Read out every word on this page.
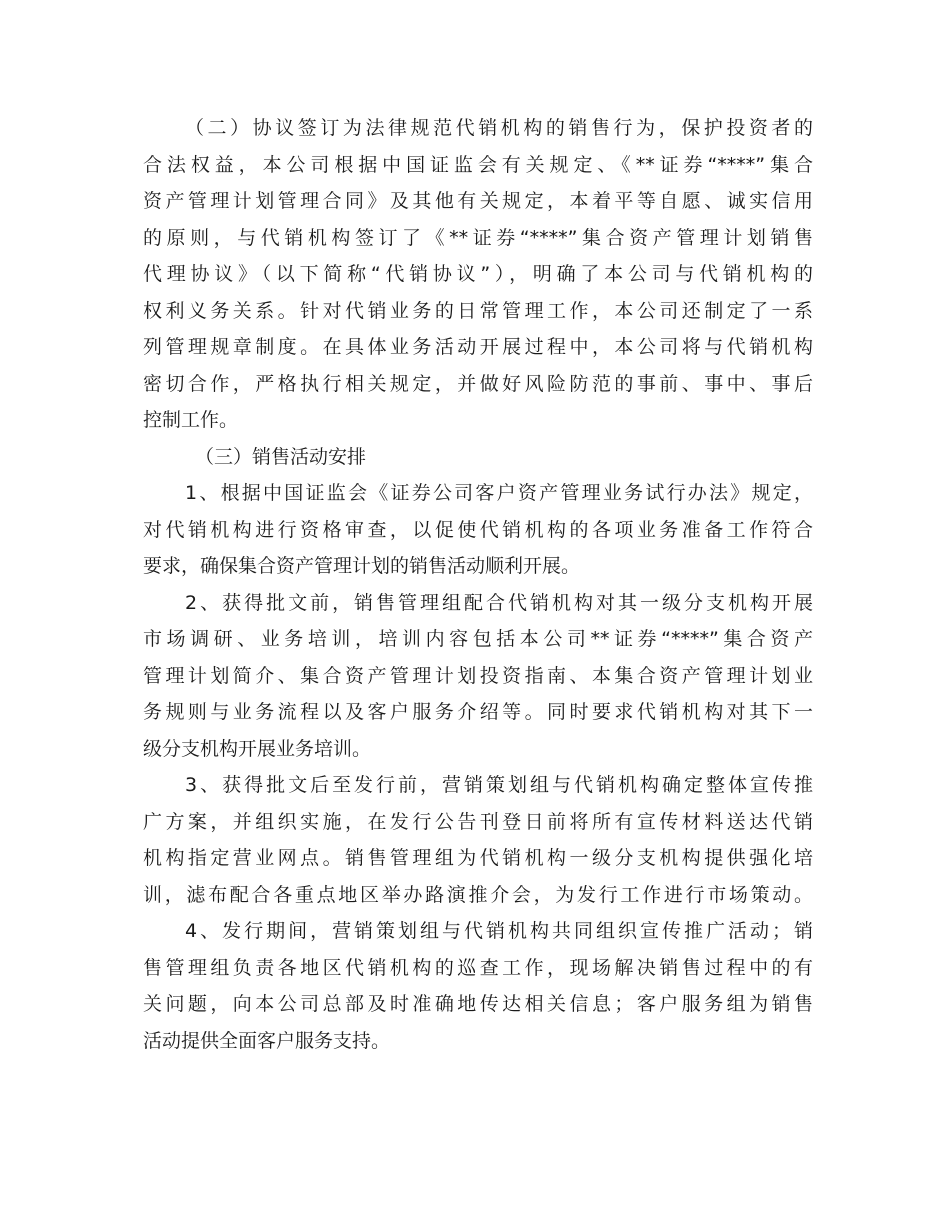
（二）协议签订为法律规范代销机构的销售行为，保护投资者的
合法权益，本公司根据中国证监会有关规定、《**证券“****”集合
资产管理计划管理合同》及其他有关规定，本着平等自愿、诚实信用
的原则，与代销机构签订了《**证券“****”集合资产管理计划销售
代理协议》（以下简称“代销协议”），明确了本公司与代销机构的
权利义务关系。针对代销业务的日常管理工作，本公司还制定了一系
列管理规章制度。在具体业务活动开展过程中，本公司将与代销机构
密切合作，严格执行相关规定，并做好风险防范的事前、事中、事后
控制工作。
（三）销售活动安排
1、根据中国证监会《证券公司客户资产管理业务试行办法》规定，
对代销机构进行资格审查，以促使代销机构的各项业务准备工作符合
要求，确保集合资产管理计划的销售活动顺利开展。
2、获得批文前，销售管理组配合代销机构对其一级分支机构开展
市场调研、业务培训，培训内容包括本公司**证券“****”集合资产
管理计划简介、集合资产管理计划投资指南、本集合资产管理计划业
务规则与业务流程以及客户服务介绍等。同时要求代销机构对其下一
级分支机构开展业务培训。
3、获得批文后至发行前，营销策划组与代销机构确定整体宣传推
广方案，并组织实施，在发行公告刊登日前将所有宣传材料送达代销
机构指定营业网点。销售管理组为代销机构一级分支机构提供强化培
训，滤布配合各重点地区举办路演推介会，为发行工作进行市场策动。
4、发行期间，营销策划组与代销机构共同组织宣传推广活动；销
售管理组负责各地区代销机构的巡查工作，现场解决销售过程中的有
关问题，向本公司总部及时准确地传达相关信息；客户服务组为销售
活动提供全面客户服务支持。
